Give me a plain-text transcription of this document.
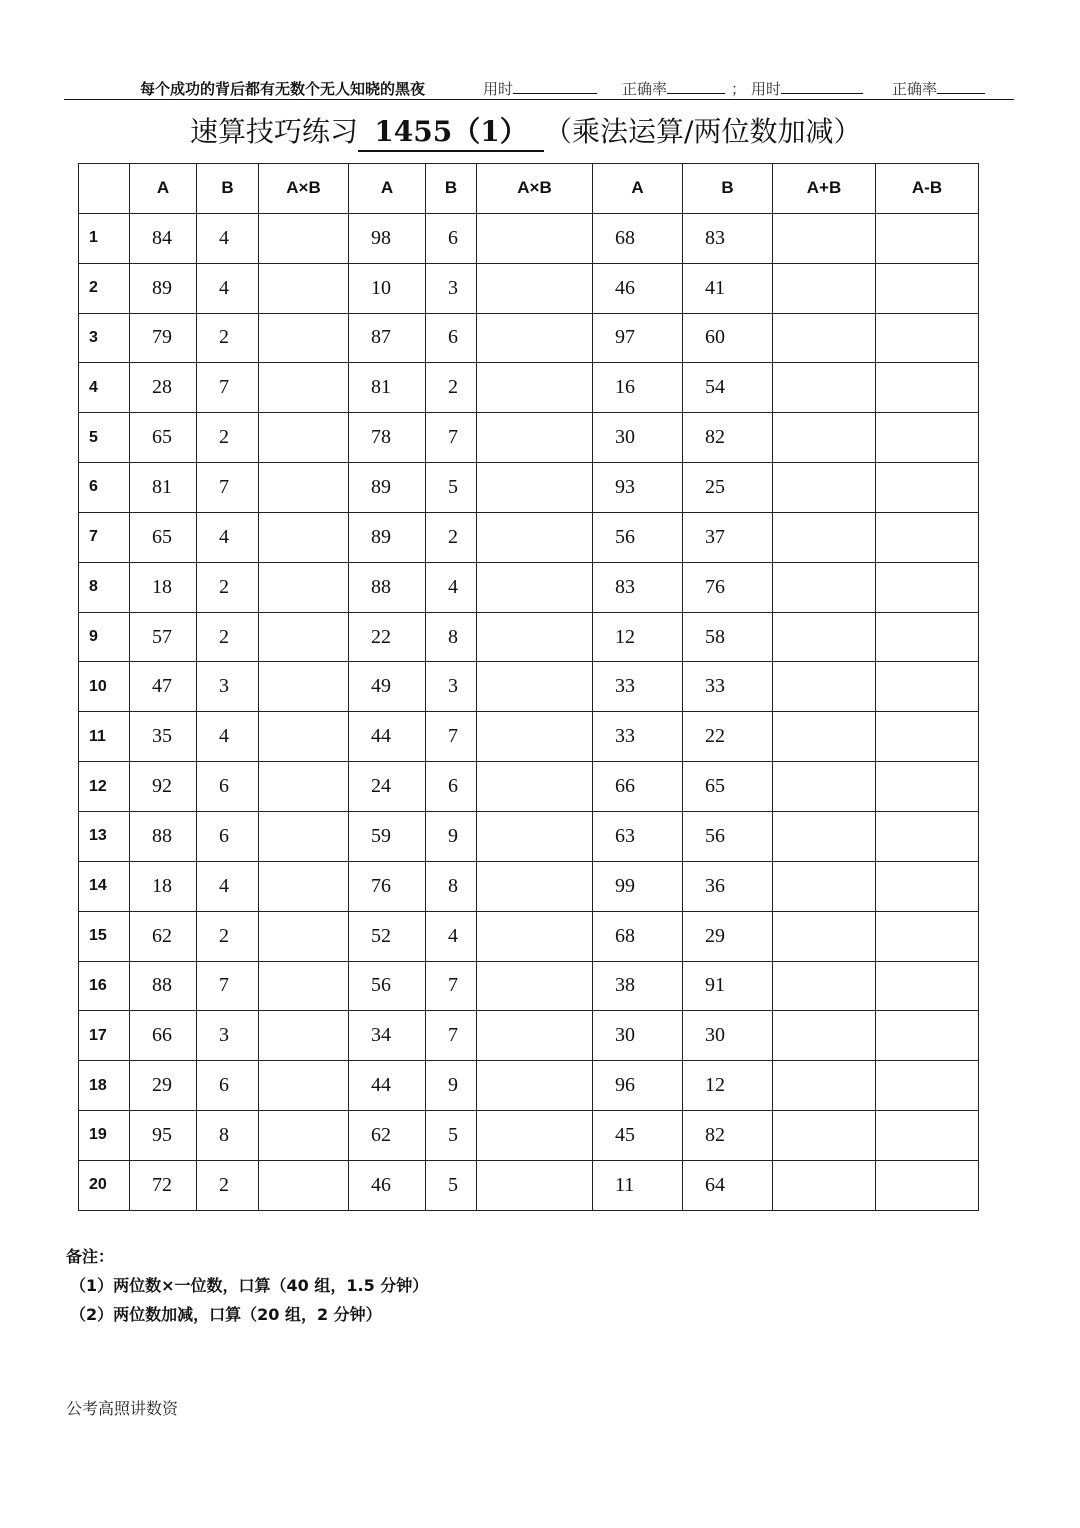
每个成功的背后都有无数个无人知晓的黑夜	用时	正确率	； 用时	正确率
速算技巧练习 1455（1） （乘法运算/两位数加减）
	A	B	A×B	A	B	A×B	A	B	A+B	A-B
1	84	4		98	6		68	83		
2	89	4		10	3		46	41		
3	79	2		87	6		97	60		
4	28	7		81	2		16	54		
5	65	2		78	7		30	82		
6	81	7		89	5		93	25		
7	65	4		89	2		56	37		
8	18	2		88	4		83	76		
9	57	2		22	8		12	58		
10	47	3		49	3		33	33		
11	35	4		44	7		33	22		
12	92	6		24	6		66	65		
13	88	6		59	9		63	56		
14	18	4		76	8		99	36		
15	62	2		52	4		68	29		
16	88	7		56	7		38	91		
17	66	3		34	7		30	30		
18	29	6		44	9		96	12		
19	95	8		62	5		45	82		
20	72	2		46	5		11	64		
备注：
（1）两位数×一位数，口算（40 组，1.5 分钟）
（2）两位数加减，口算（20 组，2 分钟）
公考高照讲数资
